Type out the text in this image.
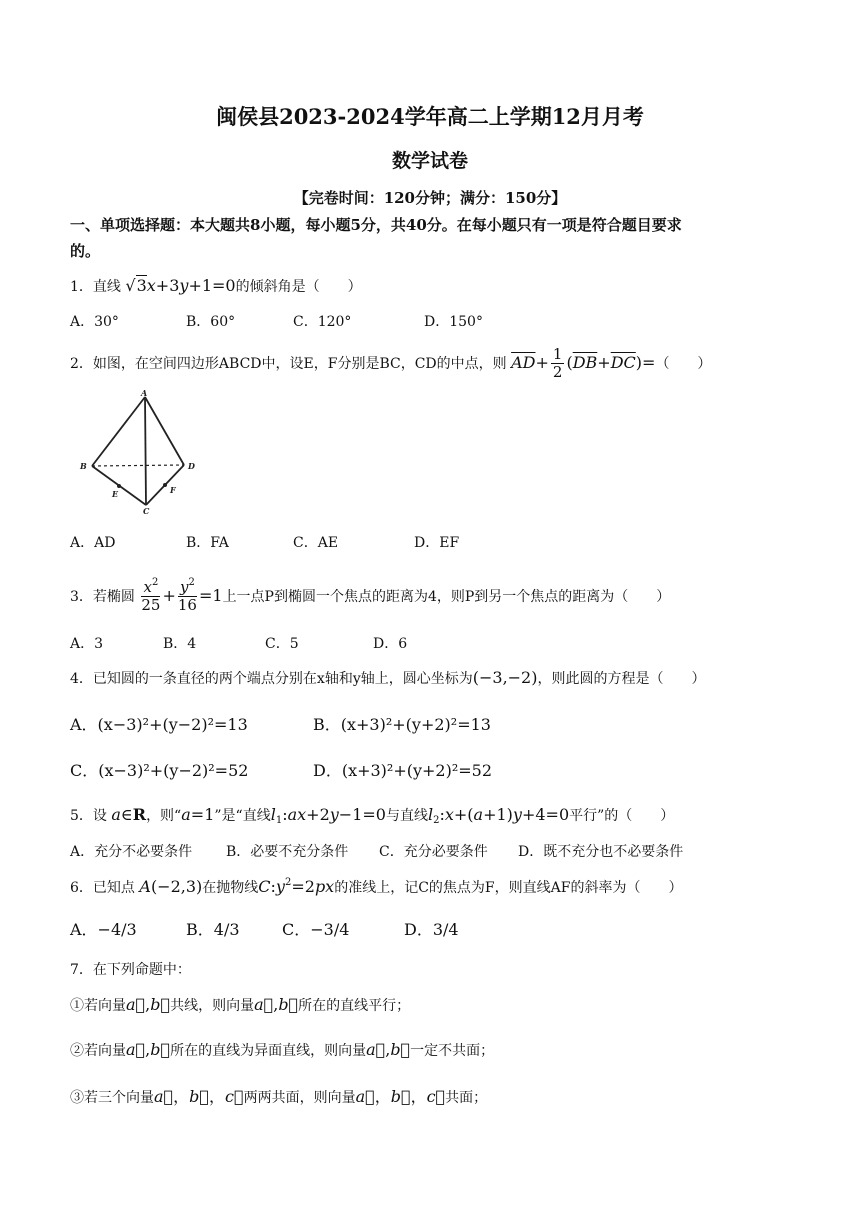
闽侯县2023-2024学年高二上学期12月月考
数学试卷
【完卷时间：120分钟；满分：150分】
一、单项选择题：本大题共8小题，每小题5分，共40分。在每小题只有一项是符合题目要求
的。
1．直线 √3x+3y+1=0的倾斜角是（　　）
A．30°	B．60°	C．120°	D．150°
2．如图，在空间四边形ABCD中，设E，F分别是BC，CD的中点，则 $\overline{AD}+ \frac{1}{2} (\overline{DB}+\overline{DC})=$（　　）
A
B
C
D
E	F
A．AD	B．FA	C．AE	D．EF
3．若椭圆 $\frac{x^2}{25} + \frac{y^2}{16} =1$上一点P到椭圆一个焦点的距离为4，则P到另一个焦点的距离为（　　）
A．3	B．4	C．5	D．6
4．已知圆的一条直径的两个端点分别在x轴和y轴上，圆心坐标为(−3,−2)，则此圆的方程是（　　）
A．(x−3)²+(y−2)²=13	B．(x+3)²+(y+2)²=13
C．(x−3)²+(y−2)²=52	D．(x+3)²+(y+2)²=52
5．设 a∈R，则“a=1”是“直线$l_1:ax+2y-1=0$与直线$l_2:x+(a+1)y+4=0$平行”的（　　）
A．充分不必要条件 B．必要不充分条件 C．充分必要条件 D．既不充分也不必要条件
6．已知点 A(−2,3)在抛物线$C:y^2=2px$的准线上，记C的焦点为F，则直线AF的斜率为（　　）
A．−4/3	B．4/3	C．−3/4	D．3/4
7．在下列命题中：
①若向量a⃗,b⃗共线，则向量a⃗,b⃗所在的直线平行；
②若向量a⃗,b⃗所在的直线为异面直线，则向量a⃗,b⃗一定不共面；
③若三个向量a⃗，b⃗，c⃗两两共面，则向量a⃗，b⃗，c⃗共面；
